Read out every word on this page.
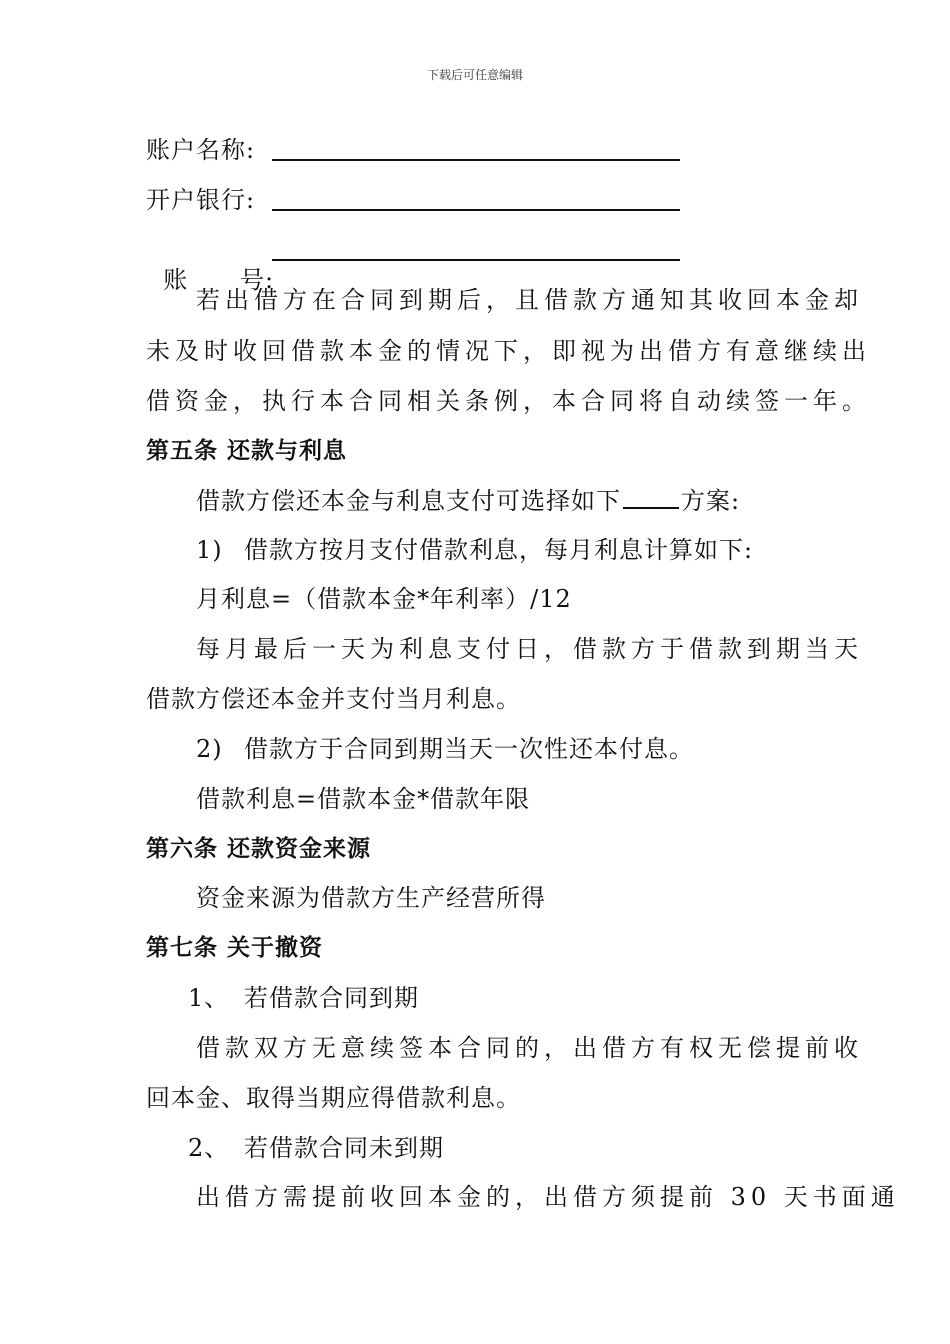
下载后可任意编辑
账户名称:
开户银行:

账      号:

若出借方在合同到期后，且借款方通知其收回本金却
未及时收回借款本金的情况下，即视为出借方有意继续出
借资金，执行本合同相关条例，本合同将自动续签一年。
第五条 还款与利息
借款方偿还本金与利息支付可选择如下	方案:
1) 借款方按月支付借款利息，每月利息计算如下:
月利息=（借款本金*年利率）/12
每月最后一天为利息支付日，借款方于借款到期当天
借款方偿还本金并支付当月利息。
2) 借款方于合同到期当天一次性还本付息。
借款利息=借款本金*借款年限
第六条 还款资金来源
资金来源为借款方生产经营所得
第七条 关于撤资
1、 若借款合同到期
借款双方无意续签本合同的，出借方有权无偿提前收
回本金、取得当期应得借款利息。
2、 若借款合同未到期
出借方需提前收回本金的，出借方须提前 30 天书面通
